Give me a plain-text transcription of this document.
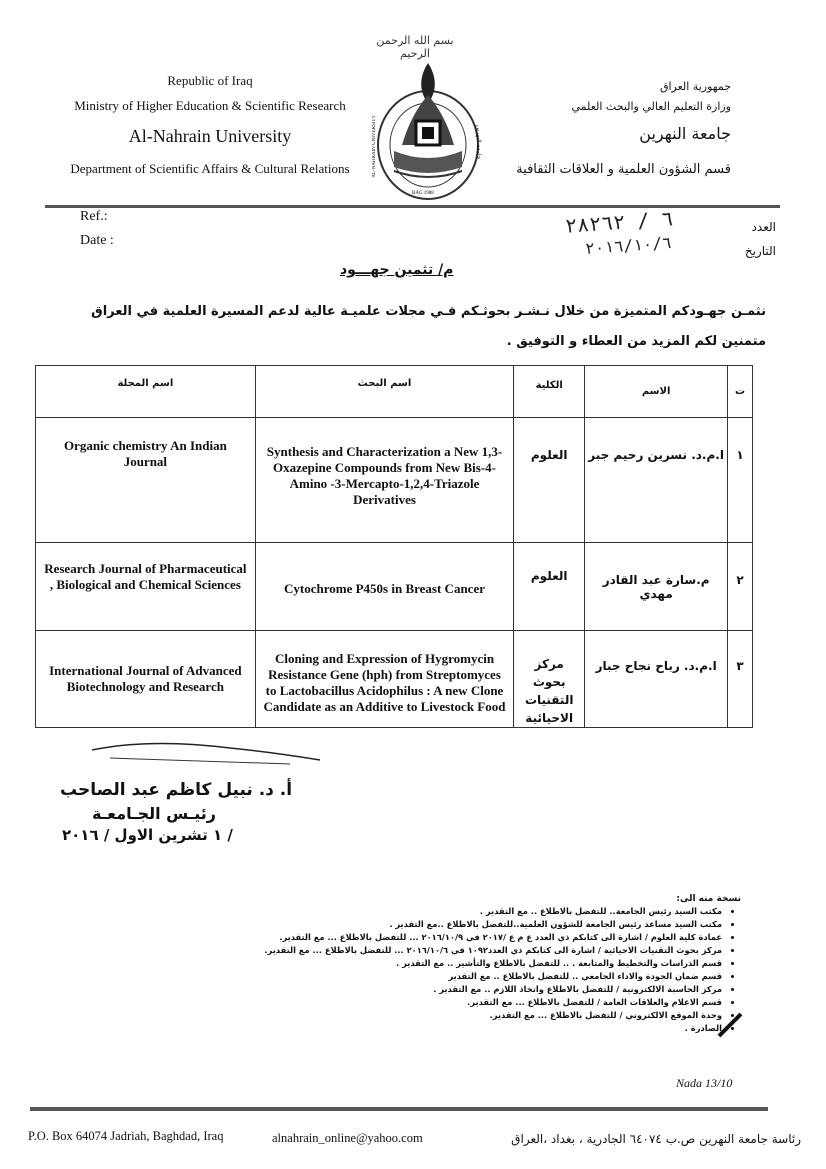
بسم الله الرحمن الرحيم
Republic of Iraq
Ministry of Higher Education & Scientific Research
Al-Nahrain University
Department of Scientific Affairs & Cultural Relations
جمهورية العراق
وزارة التعليم العالي والبحث العلمي
جامعة النهرين
قسم الشؤون العلمية و العلاقات الثقافية
AL-NAHRAIN UNIVERSITY	جامعة النهرين
BAG 1988
Ref.:
Date :
العدد
التاريخ
٦ / ٢٨٢٦٢
٢٠١٦/١٠/٦
م/ تثمين جهـــود
نثمـن جهـودكم المتميزة من خلال نـشـر بحوثـكم فـي مجلات علميـة عالية لدعم المسيرة العلمية في العراق
متمنين لكم المزيد من العطاء و التوفيق .
اسم المجلة	اسم البحث	الكلية	الاسم	ت

Organic chemistry An Indian Journal	Synthesis and Characterization a New 1,3-Oxazepine Compounds from New Bis-4-Amino -3-Mercapto-1,2,4-Triazole Derivatives	العلوم	ا.م.د. نسرين رحيم جبر	١

Research Journal of Pharmaceutical , Biological and Chemical Sciences	Cytochrome P450s in Breast Cancer	العلوم	م.سارة عبد القادر مهدي	٢

International Journal of Advanced Biotechnology and Research	Cloning and Expression of Hygromycin Resistance Gene (hph) from Streptomyces to Lactobacillus Acidophilus : A new Clone Candidate as an Additive to Livestock Food	مركز بحوث التقنيات الاحيائية	ا.م.د. رباح نجاح جبار	٣
أ. د. نبيل كاظم عبد الصاحب
رئيـس الجـامعـة
/ ١ تشرين الاول / ٢٠١٦
نسخة منه الى:
• مكتب السيد رئيس الجامعة.. للتفضل بالاطلاع .. مع التقدير .
• مكتب السيد مساعد رئيس الجامعة للشؤون العلمية..للتفضل بالاطلاع ..مع التقدير .
• عمادة كلية العلوم / اشارة الى كتابكم ذي العدد ع م ع /٢٠١٧ في ٢٠١٦/١٠/٩ ... للتفضل بالاطلاع ... مع التقدير.
• مركز بحوث التقنيات الاحيائية / اشارة الى كتابكم ذي العدد١٠٩٢ في ٢٠١٦/١٠/٦ ... للتفضل بالاطلاع ... مع التقدير.
• قسم الدراسات والتخطيط والمتابعة . .. للتفضل بالاطلاع والتأشير .. مع التقدير .
• قسم ضمان الجودة والاداء الجامعي .. للتفضل بالاطلاع .. مع التقدير
• مركز الحاسبة الالكترونية / للتفضل بالاطلاع واتخاذ اللازم .. مع التقدير .
• قسم الاعلام والعلاقات العامة / للتفضل بالاطلاع ... مع التقدير.
• وحدة الموقع الالكتروني / للتفضل بالاطلاع ... مع التقدير.
• الصادرة .
Nada 13/10
P.O. Box 64074 Jadriah, Baghdad, Iraq	alnahrain_online@yahoo.com	رئاسة جامعة النهرين ص.ب ٦٤٠٧٤ الجادرية ، بغداد ،العراق
